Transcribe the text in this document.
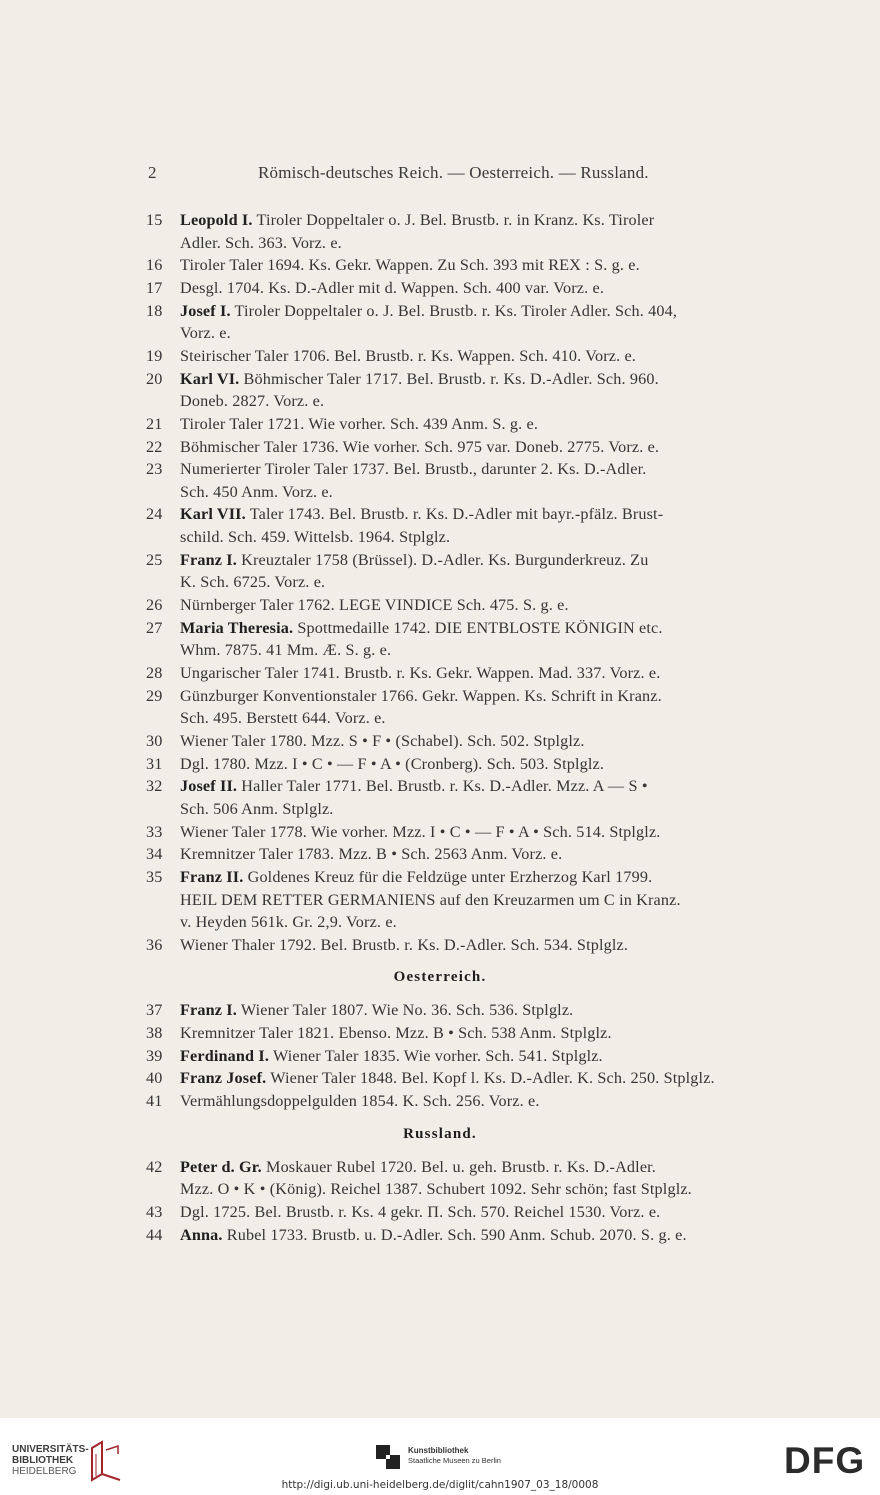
2	Römisch-deutsches Reich. — Oesterreich. — Russland.
15 Leopold I. Tiroler Doppeltaler o. J. Bel. Brustb. r. in Kranz. Ks. Tiroler
Adler. Sch. 363. Vorz. e.
16 Tiroler Taler 1694. Ks. Gekr. Wappen. Zu Sch. 393 mit REX : S. g. e.
17 Desgl. 1704. Ks. D.-Adler mit d. Wappen. Sch. 400 var. Vorz. e.
18 Josef I. Tiroler Doppeltaler o. J. Bel. Brustb. r. Ks. Tiroler Adler. Sch. 404,
Vorz. e.
19 Steirischer Taler 1706. Bel. Brustb. r. Ks. Wappen. Sch. 410. Vorz. e.
20 Karl VI. Böhmischer Taler 1717. Bel. Brustb. r. Ks. D.-Adler. Sch. 960.
Doneb. 2827. Vorz. e.
21 Tiroler Taler 1721. Wie vorher. Sch. 439 Anm. S. g. e.
22 Böhmischer Taler 1736. Wie vorher. Sch. 975 var. Doneb. 2775. Vorz. e.
23 Numerierter Tiroler Taler 1737. Bel. Brustb., darunter 2. Ks. D.-Adler.
Sch. 450 Anm. Vorz. e.
24 Karl VII. Taler 1743. Bel. Brustb. r. Ks. D.-Adler mit bayr.-pfälz. Brust-
schild. Sch. 459. Wittelsb. 1964. Stplglz.
25 Franz I. Kreuztaler 1758 (Brüssel). D.-Adler. Ks. Burgunderkreuz. Zu
K. Sch. 6725. Vorz. e.
26 Nürnberger Taler 1762. LEGE VINDICE Sch. 475. S. g. e.
27 Maria Theresia. Spottmedaille 1742. DIE ENTBLOSTE KÖNIGIN etc.
Whm. 7875. 41 Mm. Æ. S. g. e.
28 Ungarischer Taler 1741. Brustb. r. Ks. Gekr. Wappen. Mad. 337. Vorz. e.
29 Günzburger Konventionstaler 1766. Gekr. Wappen. Ks. Schrift in Kranz.
Sch. 495. Berstett 644. Vorz. e.
30 Wiener Taler 1780. Mzz. S • F • (Schabel). Sch. 502. Stplglz.
31 Dgl. 1780. Mzz. I • C • — F • A • (Cronberg). Sch. 503. Stplglz.
32 Josef II. Haller Taler 1771. Bel. Brustb. r. Ks. D.-Adler. Mzz. A — S •
Sch. 506 Anm. Stplglz.
33 Wiener Taler 1778. Wie vorher. Mzz. I • C • — F • A • Sch. 514. Stplglz.
34 Kremnitzer Taler 1783. Mzz. B • Sch. 2563 Anm. Vorz. e.
35 Franz II. Goldenes Kreuz für die Feldzüge unter Erzherzog Karl 1799.
HEIL DEM RETTER GERMANIENS auf den Kreuzarmen um C in Kranz.
v. Heyden 561k. Gr. 2,9. Vorz. e.
36 Wiener Thaler 1792. Bel. Brustb. r. Ks. D.-Adler. Sch. 534. Stplglz.
Oesterreich.
37 Franz I. Wiener Taler 1807. Wie No. 36. Sch. 536. Stplglz.
38 Kremnitzer Taler 1821. Ebenso. Mzz. B • Sch. 538 Anm. Stplglz.
39 Ferdinand I. Wiener Taler 1835. Wie vorher. Sch. 541. Stplglz.
40 Franz Josef. Wiener Taler 1848. Bel. Kopf l. Ks. D.-Adler. K. Sch. 250. Stplglz.
41 Vermählungsdoppelgulden 1854. K. Sch. 256. Vorz. e.
Russland.
42 Peter d. Gr. Moskauer Rubel 1720. Bel. u. geh. Brustb. r. Ks. D.-Adler.
Mzz. O • K • (König). Reichel 1387. Schubert 1092. Sehr schön; fast Stplglz.
43 Dgl. 1725. Bel. Brustb. r. Ks. 4 gekr. П. Sch. 570. Reichel 1530. Vorz. e.
44 Anna. Rubel 1733. Brustb. u. D.-Adler. Sch. 590 Anm. Schub. 2070. S. g. e.
UNIVERSITÄTS-
BIBLIOTHEK
HEIDELBERG
Kunstbibliothek
Staatliche Museen zu Berlin	DFG
http://digi.ub.uni-heidelberg.de/diglit/cahn1907_03_18/0008
